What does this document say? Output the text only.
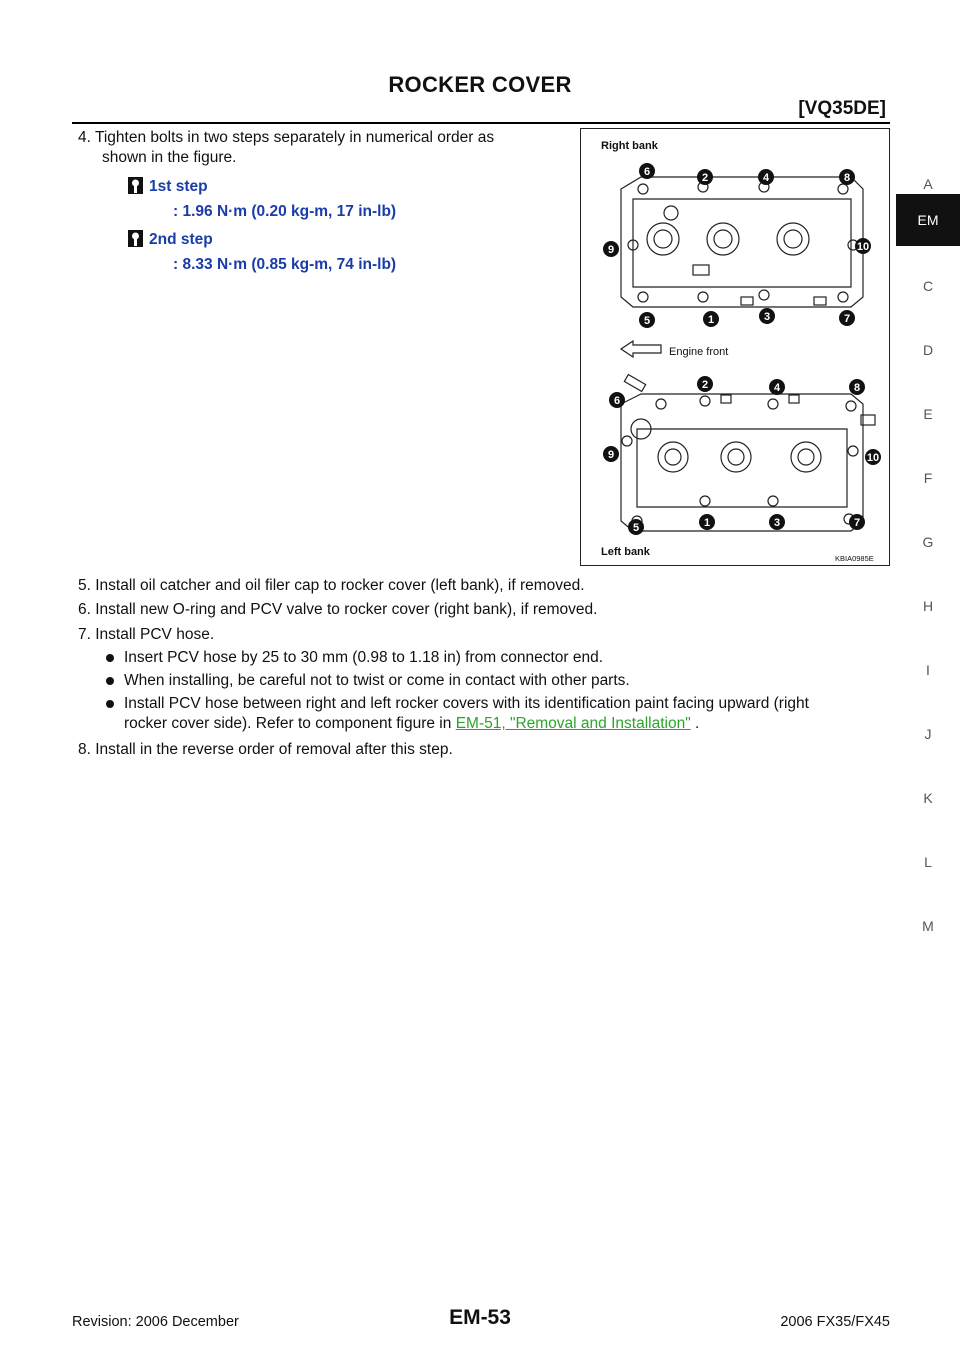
ROCKER COVER
[VQ35DE]
A
EM
C
D
E
F
G
H
I
J
K
L
M
4. Tighten bolts in two steps separately in numerical order as
shown in the figure.
1st step
: 1.96 N·m (0.20 kg-m, 17 in-lb)
2nd step
: 8.33 N·m (0.85 kg-m, 74 in-lb)
Right bank
Engine front
Left bank
KBIA0985E
6	2	4	8
9	10
5	1	3	7
2	4	8
6
9	10
5	1	3	7
5. Install oil catcher and oil filer cap to rocker cover (left bank), if removed.
6. Install new O-ring and PCV valve to rocker cover (right bank), if removed.
7. Install PCV hose.
Insert PCV hose by 25 to 30 mm (0.98 to 1.18 in) from connector end.
When installing, be careful not to twist or come in contact with other parts.
Install PCV hose between right and left rocker covers with its identification paint facing upward (right
rocker cover side). Refer to component figure in EM-51, "Removal and Installation" .
8. Install in the reverse order of removal after this step.
Revision: 2006 December	EM-53	2006 FX35/FX45
